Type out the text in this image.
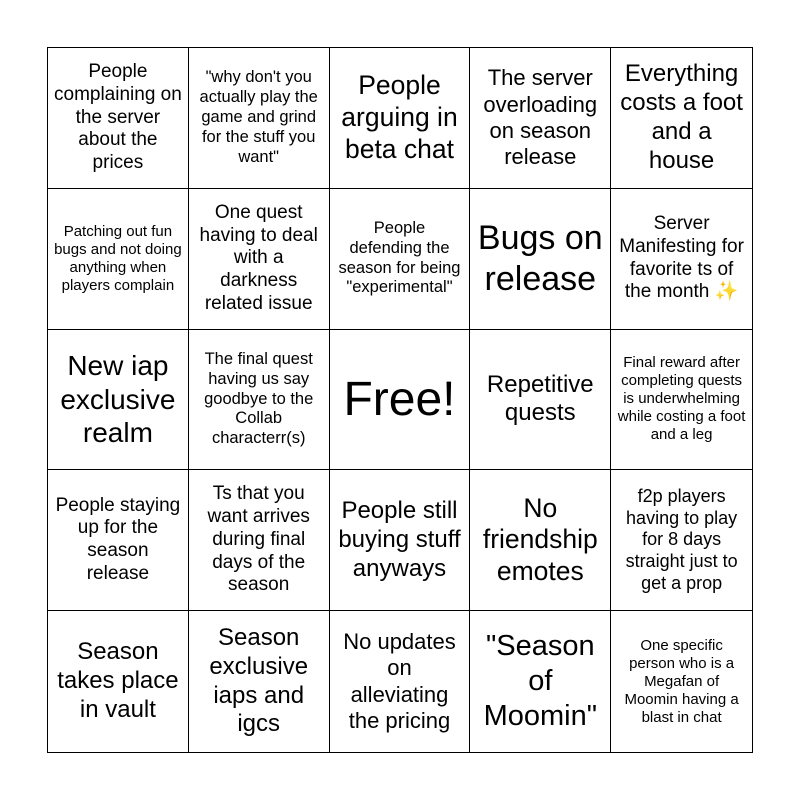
People complaining on the server about the prices
"why don't you actually play the game and grind for the stuff you want"
People arguing in beta chat
The server overloading on season release
Everything costs a foot and a house
Patching out fun bugs and not doing anything when players complain
One quest having to deal with a darkness related issue
People defending the season for being "experimental"
Bugs on release
Server Manifesting for favorite ts of the month ✨
New iap exclusive realm
The final quest having us say goodbye to the Collab characterr(s)
Free!	Repetitive quests
Final reward after completing quests is underwhelming while costing a foot and a leg
People staying up for the season release
Ts that you want arrives during final days of the season
People still buying stuff anyways
No friendship emotes
f2p players having to play for 8 days straight just to get a prop
Season takes place in vault
Season exclusive iaps and igcs
No updates on alleviating the pricing
"Season of Moomin"
One specific person who is a Megafan of Moomin having a blast in chat
